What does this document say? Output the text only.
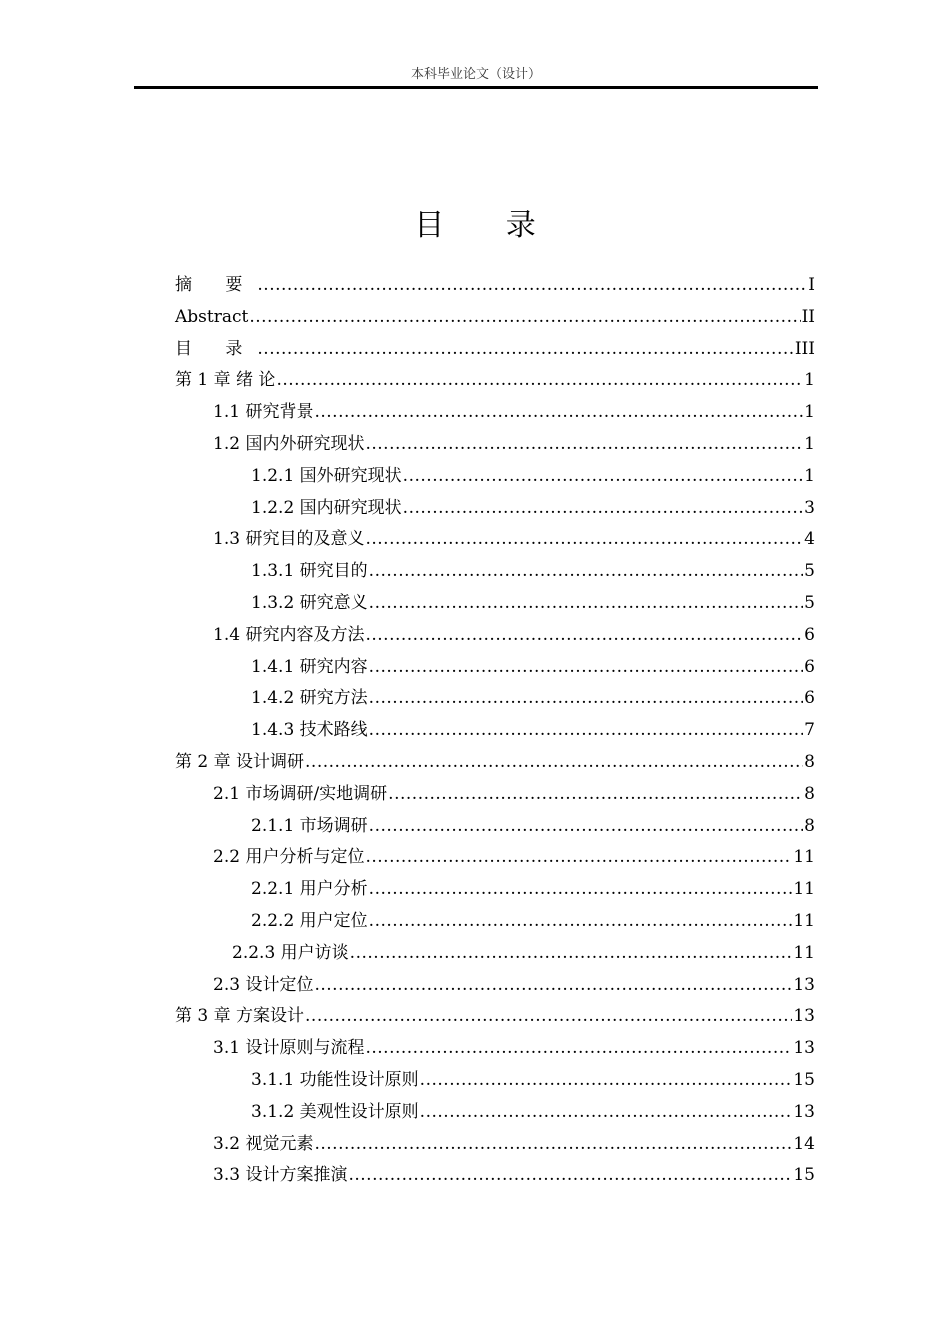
本科毕业论文（设计）
目 录
摘 要 .....	I
Abstract .....	II
目 录 .....	III
第 1 章 绪 论 .....	1
1.1 研究背景 .....	1
1.2 国内外研究现状 .....	1
1.2.1 国外研究现状 .....	1
1.2.2 国内研究现状 .....	3
1.3 研究目的及意义 .....	4
1.3.1 研究目的 .....	5
1.3.2 研究意义 .....	5
1.4 研究内容及方法 .....	6
1.4.1 研究内容 .....	6
1.4.2 研究方法 .....	6
1.4.3 技术路线 .....	7
第 2 章 设计调研 .....	8
2.1 市场调研/实地调研 .....	8
2.1.1 市场调研 .....	8
2.2 用户分析与定位 .....	11
2.2.1 用户分析 .....	11
2.2.2 用户定位 .....	11
2.2.3 用户访谈 .....	11
2.3 设计定位 .....	13
第 3 章 方案设计 .....	13
3.1 设计原则与流程 .....	13
3.1.1 功能性设计原则 .....	15
3.1.2 美观性设计原则 .....	13
3.2 视觉元素 .....	14
3.3 设计方案推演 .....	15
